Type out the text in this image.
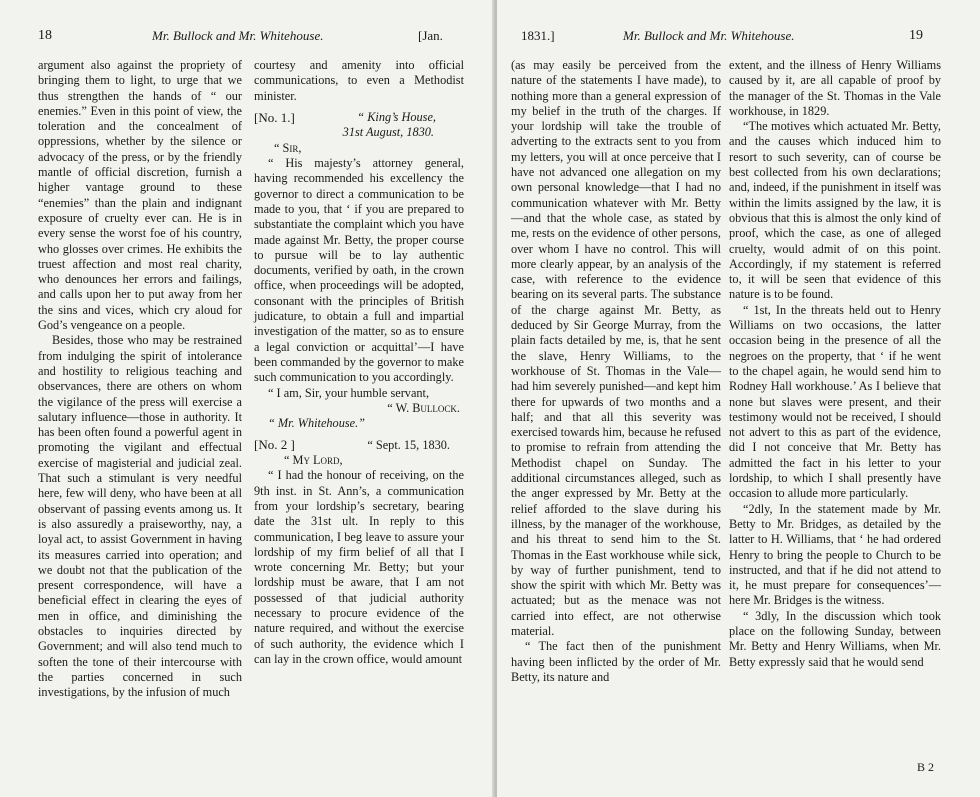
18	Mr. Bullock and Mr. Whitehouse.	[Jan.

argument also against the propriety of bringing them to light, to urge that we thus strengthen the hands of “ our enemies.” Even in this point of view, the toleration and the concealment of oppressions, whether by the silence or advocacy of the press, or by the friendly mantle of official discretion, furnish a higher vantage ground to these “enemies” than the plain and indignant exposure of cruelty ever can. He is in every sense the worst foe of his country, who glosses over crimes. He exhibits the truest affection and most real charity, who denounces her errors and failings, and calls upon her to put away from her the sins and vices, which cry aloud for God’s vengeance on a people.

Besides, those who may be restrained from indulging the spirit of intolerance and hostility to religious teaching and observances, there are others on whom the vigilance of the press will exercise a salutary influence—those in authority. It has been often found a powerful agent in promoting the vigilant and effectual exercise of magisterial and judicial zeal. That such a stimulant is very needful here, few will deny, who have been at all observant of passing events among us. It is also assuredly a praiseworthy, nay, a loyal act, to assist Government in having its measures carried into operation; and we doubt not that the publication of the present correspondence, will have a beneficial effect in clearing the eyes of men in office, and diminishing the obstacles to inquiries directed by Government; and will also tend much to soften the tone of their intercourse with the parties concerned in such investigations, by the infusion of much

courtesy and amenity into official communications, to even a Methodist minister.

[No. 1.]	“ King’s House,

31st August, 1830.

“ Sir,

“ His majesty’s attorney general, having recommended his excellency the governor to direct a communication to be made to you, that ‘ if you are prepared to substantiate the complaint which you have made against Mr. Betty, the proper course to pursue will be to lay authentic documents, verified by oath, in the crown office, when proceedings will be adopted, consonant with the principles of British judicature, to obtain a full and impartial investigation of the matter, so as to ensure a legal conviction or acquittal’—I have been commanded by the governor to make such communication to you accordingly.

“ I am, Sir, your humble servant,

“ W. Bullock.

“ Mr. Whitehouse.”

[No. 2 ]	“ Sept. 15, 1830.

“ My Lord,

“ I had the honour of receiving, on the 9th inst. in St. Ann’s, a communication from your lordship’s secretary, bearing date the 31st ult. In reply to this communication, I beg leave to assure your lordship of my firm belief of all that I wrote concerning Mr. Betty; but your lordship must be aware, that I am not possessed of that judicial authority necessary to procure evidence of the nature required, and without the exercise of such authority, the evidence which I can lay in the crown office, would amount

1831.]	Mr. Bullock and Mr. Whitehouse.	19

(as may easily be perceived from the nature of the statements I have made), to nothing more than a general expression of my belief in the truth of the charges. If your lordship will take the trouble of adverting to the extracts sent to you from my letters, you will at once perceive that I have not advanced one allegation on my own personal knowledge—that I had no communication whatever with Mr. Betty—and that the whole case, as stated by me, rests on the evidence of other persons, over whom I have no control. This will more clearly appear, by an analysis of the case, with reference to the evidence bearing on its several parts. The substance of the charge against Mr. Betty, as deduced by Sir George Murray, from the plain facts detailed by me, is, that he sent the slave, Henry Williams, to the workhouse of St. Thomas in the Vale—had him severely punished—and kept him there for upwards of two months and a half; and that all this severity was exercised towards him, because he refused to promise to refrain from attending the Methodist chapel on Sunday. The additional circumstances alleged, such as the anger expressed by Mr. Betty at the relief afforded to the slave during his illness, by the manager of the workhouse, and his threat to send him to the St. Thomas in the East workhouse while sick, by way of further punishment, tend to show the spirit with which Mr. Betty was actuated; but as the menace was not carried into effect, are not otherwise material.

“ The fact then of the punishment having been inflicted by the order of Mr. Betty, its nature and

extent, and the illness of Henry Williams caused by it, are all capable of proof by the manager of the St. Thomas in the Vale workhouse, in 1829.

“The motives which actuated Mr. Betty, and the causes which induced him to resort to such severity, can of course be best collected from his own declarations; and, indeed, if the punishment in itself was within the limits assigned by the law, it is obvious that this is almost the only kind of proof, which the case, as one of alleged cruelty, would admit of on this point. Accordingly, if my statement is referred to, it will be seen that evidence of this nature is to be found.

“ 1st, In the threats held out to Henry Williams on two occasions, the latter occasion being in the presence of all the negroes on the property, that ‘ if he went to the chapel again, he would send him to Rodney Hall workhouse.’ As I believe that none but slaves were present, and their testimony would not be received, I should not advert to this as part of the evidence, did I not conceive that Mr. Betty has admitted the fact in his letter to your lordship, to which I shall presently have occasion to allude more particularly.

“2dly, In the statement made by Mr. Betty to Mr. Bridges, as detailed by the latter to H. Williams, that ‘ he had ordered Henry to bring the people to Church to be instructed, and that if he did not attend to it, he must prepare for consequences’—here Mr. Bridges is the witness.

“ 3dly, In the discussion which took place on the following Sunday, between Mr. Betty and Henry Williams, when Mr. Betty expressly said that he would send

B 2
